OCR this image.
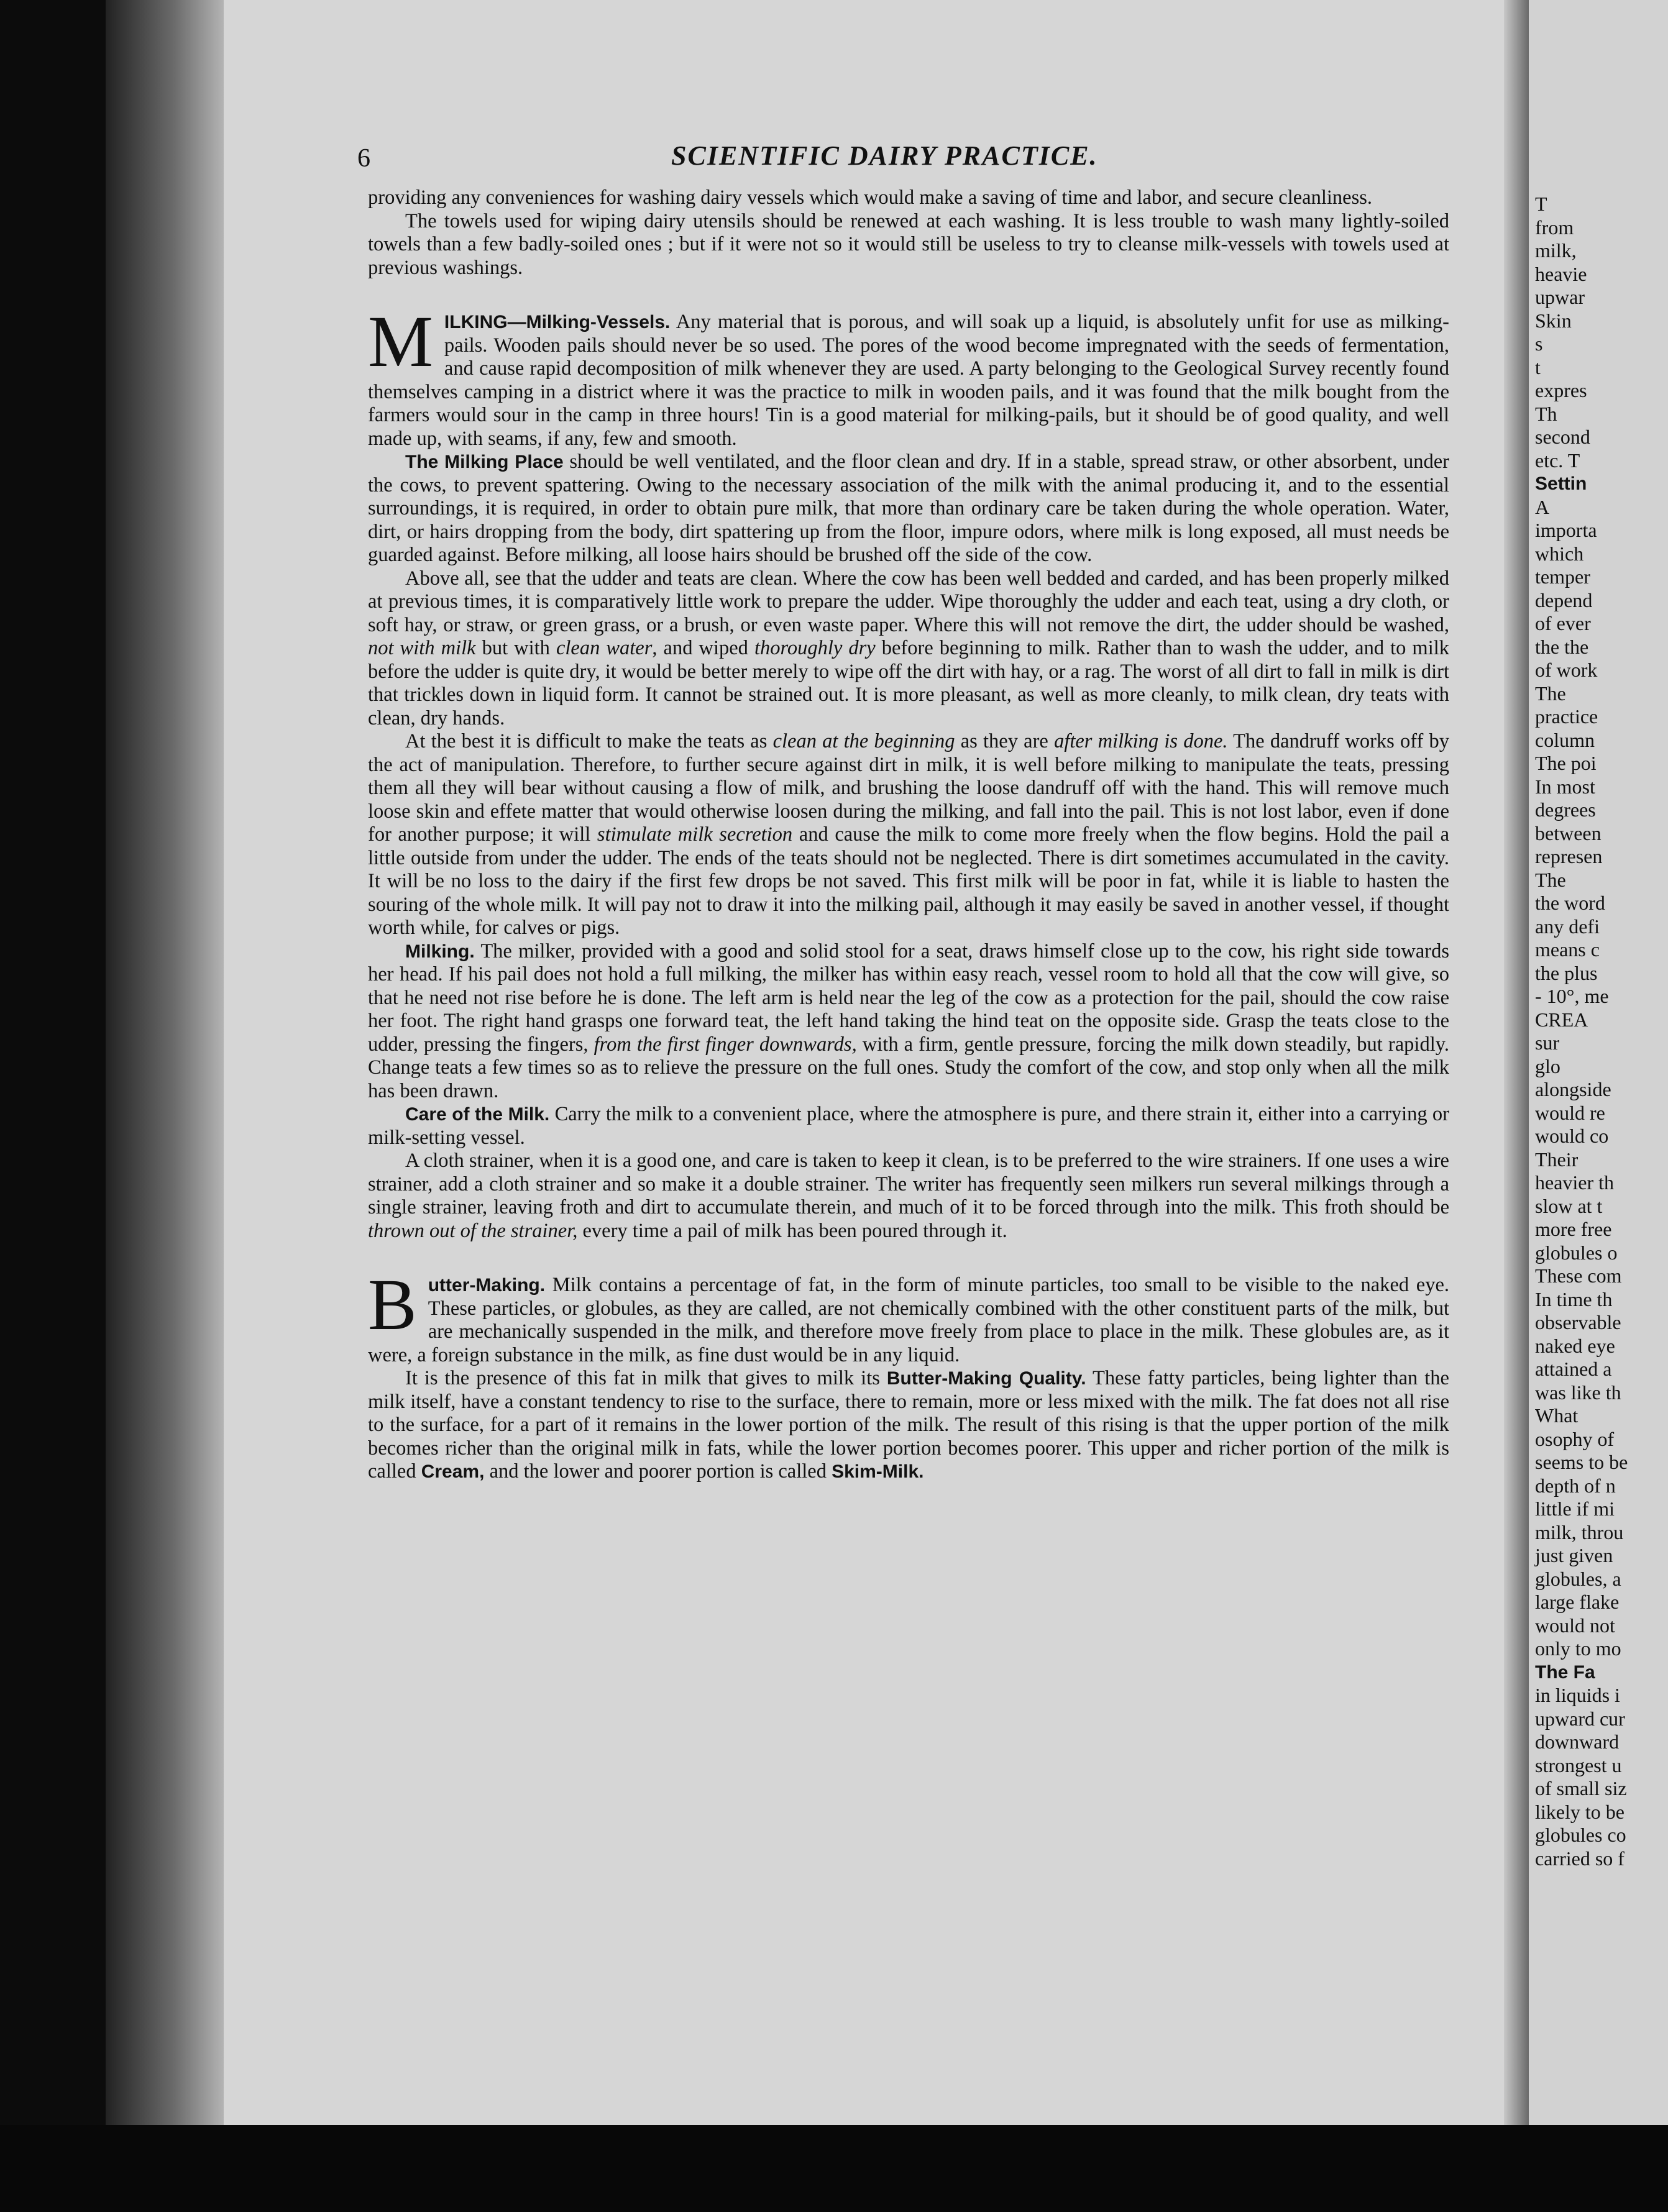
6	SCIENTIFIC DAIRY PRACTICE.

providing any conveniences for washing dairy vessels which would make a saving of time and labor, and secure cleanliness.

The towels used for wiping dairy utensils should be renewed at each washing. It is less trouble to wash many lightly-soiled towels than a few badly-soiled ones ; but if it were not so it would still be useless to try to cleanse milk-vessels with towels used at previous washings.

M ILKING—Milking-Vessels. Any material that is porous, and will soak up a liquid, is absolutely unfit for use as milking-pails. Wooden pails should never be so used. The pores of the wood become impregnated with the seeds of fermentation, and cause rapid decomposition of milk whenever they are used. A party belonging to the Geological Survey recently found themselves camping in a district where it was the practice to milk in wooden pails, and it was found that the milk bought from the farmers would sour in the camp in three hours! Tin is a good material for milking-pails, but it should be of good quality, and well made up, with seams, if any, few and smooth.

The Milking Place should be well ventilated, and the floor clean and dry. If in a stable, spread straw, or other absorbent, under the cows, to prevent spattering. Owing to the necessary association of the milk with the animal producing it, and to the essential surroundings, it is required, in order to obtain pure milk, that more than ordinary care be taken during the whole operation. Water, dirt, or hairs dropping from the body, dirt spattering up from the floor, impure odors, where milk is long exposed, all must needs be guarded against. Before milking, all loose hairs should be brushed off the side of the cow.

Above all, see that the udder and teats are clean. Where the cow has been well bedded and carded, and has been properly milked at previous times, it is comparatively little work to prepare the udder. Wipe thoroughly the udder and each teat, using a dry cloth, or soft hay, or straw, or green grass, or a brush, or even waste paper. Where this will not remove the dirt, the udder should be washed, not with milk but with clean water, and wiped thoroughly dry before beginning to milk. Rather than to wash the udder, and to milk before the udder is quite dry, it would be better merely to wipe off the dirt with hay, or a rag. The worst of all dirt to fall in milk is dirt that trickles down in liquid form. It cannot be strained out. It is more pleasant, as well as more cleanly, to milk clean, dry teats with clean, dry hands.

At the best it is difficult to make the teats as clean at the beginning as they are after milking is done. The dandruff works off by the act of manipulation. Therefore, to further secure against dirt in milk, it is well before milking to manipulate the teats, pressing them all they will bear without causing a flow of milk, and brushing the loose dandruff off with the hand. This will remove much loose skin and effete matter that would otherwise loosen during the milking, and fall into the pail. This is not lost labor, even if done for another purpose; it will stimulate milk secretion and cause the milk to come more freely when the flow begins. Hold the pail a little outside from under the udder. The ends of the teats should not be neglected. There is dirt sometimes accumulated in the cavity. It will be no loss to the dairy if the first few drops be not saved. This first milk will be poor in fat, while it is liable to hasten the souring of the whole milk. It will pay not to draw it into the milking pail, although it may easily be saved in another vessel, if thought worth while, for calves or pigs.

Milking. The milker, provided with a good and solid stool for a seat, draws himself close up to the cow, his right side towards her head. If his pail does not hold a full milking, the milker has within easy reach, vessel room to hold all that the cow will give, so that he need not rise before he is done. The left arm is held near the leg of the cow as a protection for the pail, should the cow raise her foot. The right hand grasps one forward teat, the left hand taking the hind teat on the opposite side. Grasp the teats close to the udder, pressing the fingers, from the first finger downwards, with a firm, gentle pressure, forcing the milk down steadily, but rapidly. Change teats a few times so as to relieve the pressure on the full ones. Study the comfort of the cow, and stop only when all the milk has been drawn.

Care of the Milk. Carry the milk to a convenient place, where the atmosphere is pure, and there strain it, either into a carrying or milk-setting vessel.

A cloth strainer, when it is a good one, and care is taken to keep it clean, is to be preferred to the wire strainers. If one uses a wire strainer, add a cloth strainer and so make it a double strainer. The writer has frequently seen milkers run several milkings through a single strainer, leaving froth and dirt to accumulate therein, and much of it to be forced through into the milk. This froth should be thrown out of the strainer, every time a pail of milk has been poured through it.

B utter-Making. Milk contains a percentage of fat, in the form of minute particles, too small to be visible to the naked eye. These particles, or globules, as they are called, are not chemically combined with the other constituent parts of the milk, but are mechanically suspended in the milk, and therefore move freely from place to place in the milk. These globules are, as it were, a foreign substance in the milk, as fine dust would be in any liquid.

It is the presence of this fat in milk that gives to milk its Butter-Making Quality. These fatty particles, being lighter than the milk itself, have a constant tendency to rise to the surface, there to remain, more or less mixed with the milk. The fat does not all rise to the surface, for a part of it remains in the lower portion of the milk. The result of this rising is that the upper portion of the milk becomes richer than the original milk in fats, while the lower portion becomes poorer. This upper and richer portion of the milk is called Cream, and the lower and poorer portion is called Skim-Milk.

T
from
milk,
heavie
upwar
Skin
s
t
expres
Th
second
etc. T
Settin
A
importa
which
temper
depend
of ever
the the
of work
The
practice
column
The poi
In most
degrees
between
represen
The
the word
any defi
means c
the plus
- 10°, me
CREA
sur
glo
alongside
would re
would co
Their
heavier th
slow at t
more free
globules o
These com
In time th
observable
naked eye
attained a
was like th
What
osophy of
seems to be
depth of n
little if mi
milk, throu
just given
globules, a
large flake
would not
only to mo
The Fa
in liquids i
upward cur
downward
strongest u
of small siz
likely to be
globules co
carried so f
